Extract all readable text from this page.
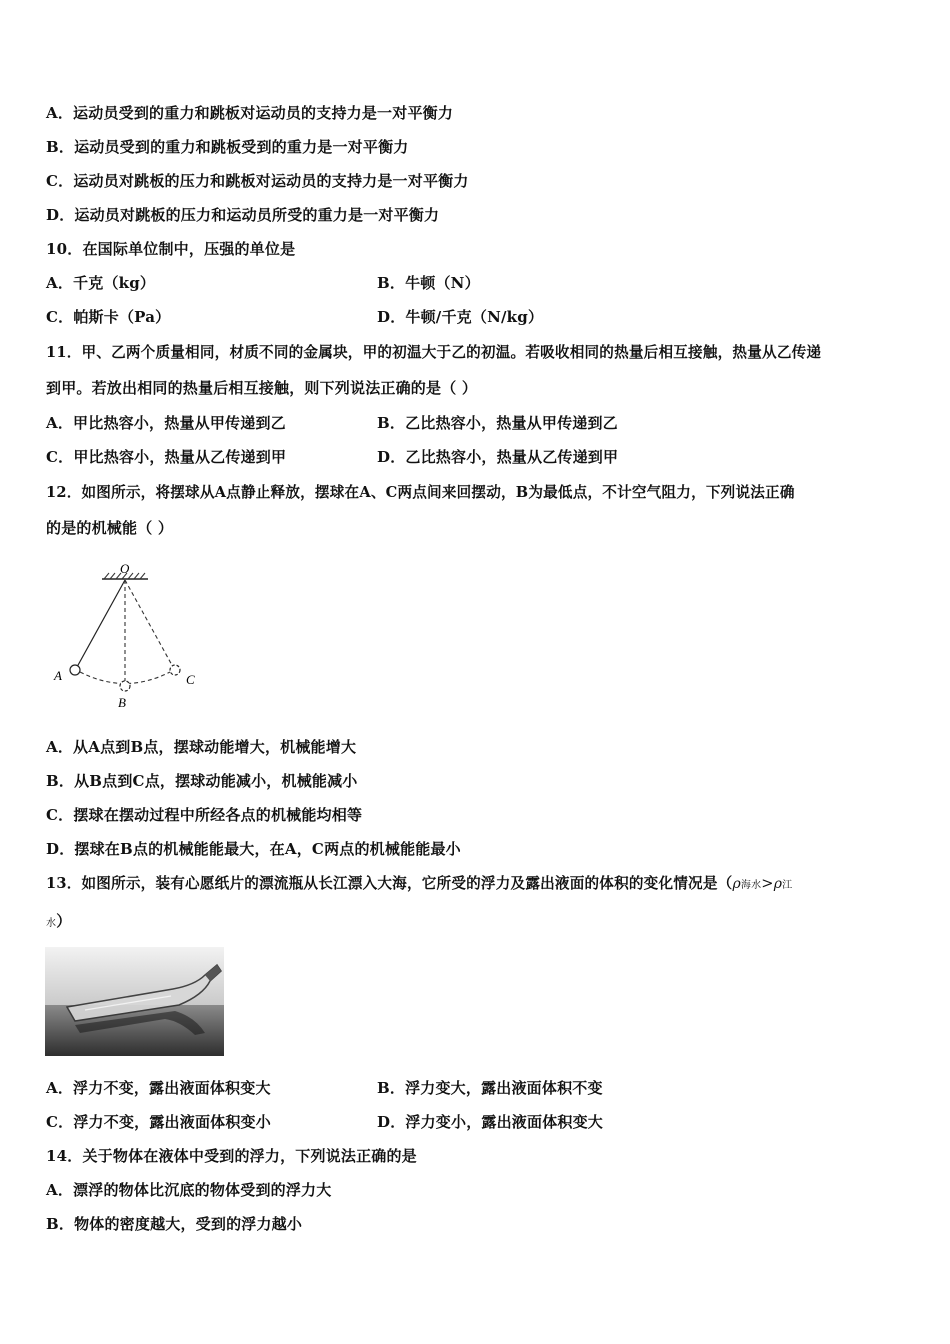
A．运动员受到的重力和跳板对运动员的支持力是一对平衡力
B．运动员受到的重力和跳板受到的重力是一对平衡力
C．运动员对跳板的压力和跳板对运动员的支持力是一对平衡力
D．运动员对跳板的压力和运动员所受的重力是一对平衡力
10．在国际单位制中，压强的单位是
A．千克（kg）	B．牛顿（N）
C．帕斯卡（Pa）	D．牛顿/千克（N/kg）
11．甲、乙两个质量相同，材质不同的金属块，甲的初温大于乙的初温。若吸收相同的热量后相互接触，热量从乙传递
到甲。若放出相同的热量后相互接触，则下列说法正确的是（ ）
A．甲比热容小，热量从甲传递到乙	B．乙比热容小，热量从甲传递到乙
C．甲比热容小，热量从乙传递到甲	D．乙比热容小，热量从乙传递到甲
12．如图所示，将摆球从A点静止释放，摆球在A、C两点间来回摆动，B为最低点，不计空气阻力，下列说法正确
的是的机械能（ ）
O
A
B
C
A．从A点到B点，摆球动能增大，机械能增大
B．从B点到C点，摆球动能减小，机械能减小
C．摆球在摆动过程中所经各点的机械能均相等
D．摆球在B点的机械能能最大，在A，C两点的机械能能最小
13．如图所示，装有心愿纸片的漂流瓶从长江漂入大海，它所受的浮力及露出液面的体积的变化情况是（ρ海水>ρ江
水）
A．浮力不变，露出液面体积变大	B．浮力变大，露出液面体积不变
C．浮力不变，露出液面体积变小	D．浮力变小，露出液面体积变大
14．关于物体在液体中受到的浮力，下列说法正确的是
A．漂浮的物体比沉底的物体受到的浮力大
B．物体的密度越大，受到的浮力越小
